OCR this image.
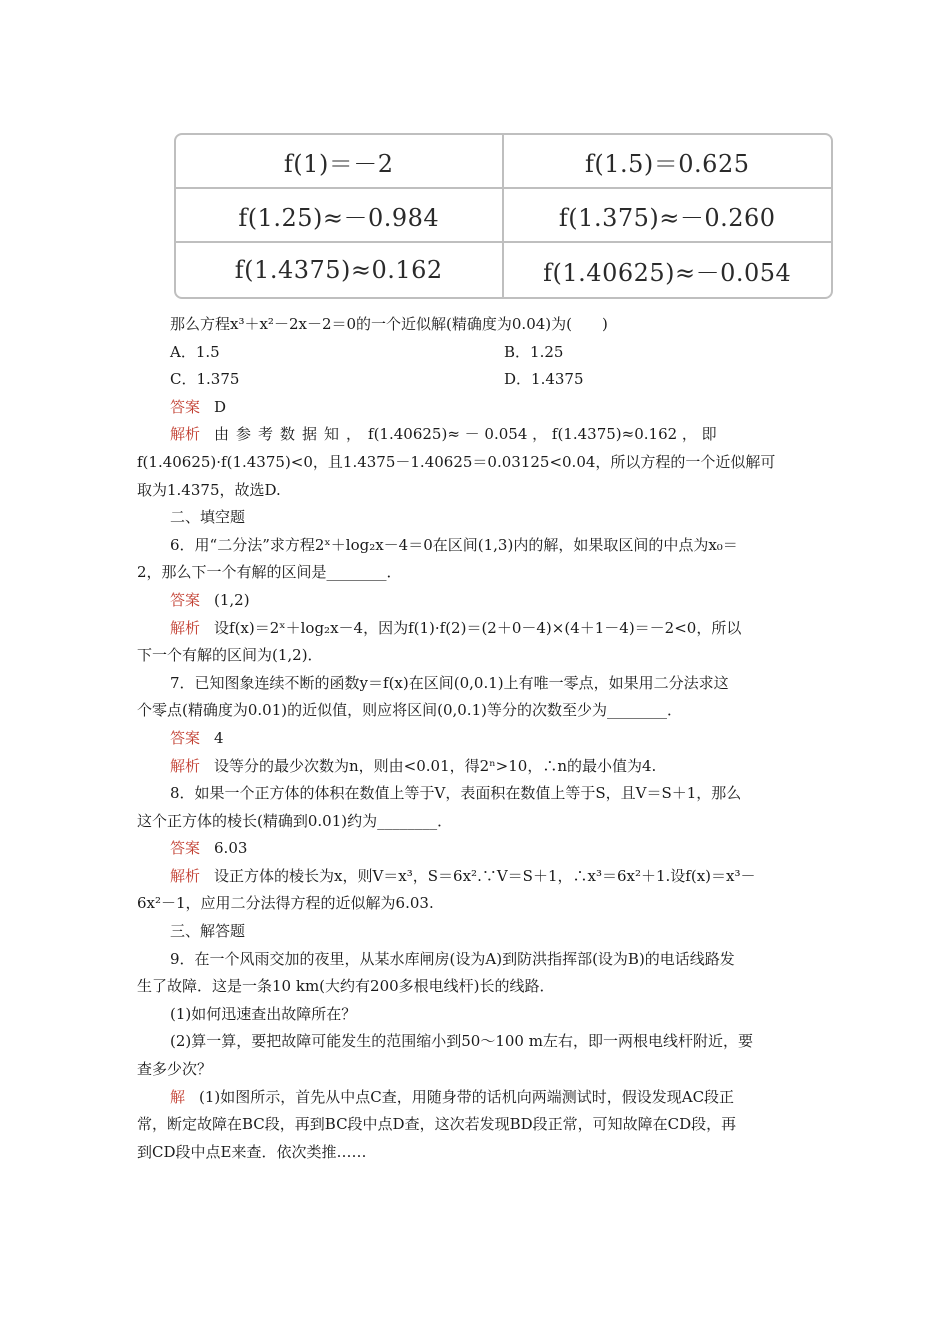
f(1)＝－2	f(1.5)＝0.625
f(1.25)≈－0.984	f(1.375)≈－0.260
f(1.4375)≈0.162	f(1.40625)≈－0.054

那么方程x³＋x²－2x－2＝0的一个近似解(精确度为0.04)为(　　)

A．1.5	B．1.25
C．1.375	D．1.4375

答案 D

解析 由参考数据知，f(1.40625)≈ － 0.054 ， f(1.4375)≈0.162 ， 即

f(1.40625)·f(1.4375)<0，且1.4375－1.40625＝0.03125<0.04，所以方程的一个近似解可

取为1.4375，故选D.

二、填空题

6．用“二分法”求方程2ˣ＋log₂x－4＝0在区间(1,3)内的解，如果取区间的中点为x₀＝

2，那么下一个有解的区间是________．

答案 (1,2)

解析 设f(x)＝2ˣ＋log₂x－4，因为f(1)·f(2)＝(2＋0－4)×(4＋1－4)＝－2<0，所以

下一个有解的区间为(1,2)．

7．已知图象连续不断的函数y＝f(x)在区间(0,0.1)上有唯一零点，如果用二分法求这

个零点(精确度为0.01)的近似值，则应将区间(0,0.1)等分的次数至少为________．

答案 4

解析 设等分的最少次数为n，则由<0.01，得2ⁿ>10，∴n的最小值为4.

8．如果一个正方体的体积在数值上等于V，表面积在数值上等于S，且V＝S＋1，那么

这个正方体的棱长(精确到0.01)约为________．

答案 6.03

解析 设正方体的棱长为x，则V＝x³，S＝6x².∵V＝S＋1，∴x³＝6x²＋1.设f(x)＝x³－

6x²－1，应用二分法得方程的近似解为6.03.

三、解答题

9．在一个风雨交加的夜里，从某水库闸房(设为A)到防洪指挥部(设为B)的电话线路发

生了故障．这是一条10 km(大约有200多根电线杆)长的线路．

(1)如何迅速查出故障所在？

(2)算一算，要把故障可能发生的范围缩小到50～100 m左右，即一两根电线杆附近，要

查多少次？

解 (1)如图所示，首先从中点C查，用随身带的话机向两端测试时，假设发现AC段正

常，断定故障在BC段，再到BC段中点D查，这次若发现BD段正常，可知故障在CD段，再

到CD段中点E来查．依次类推……
